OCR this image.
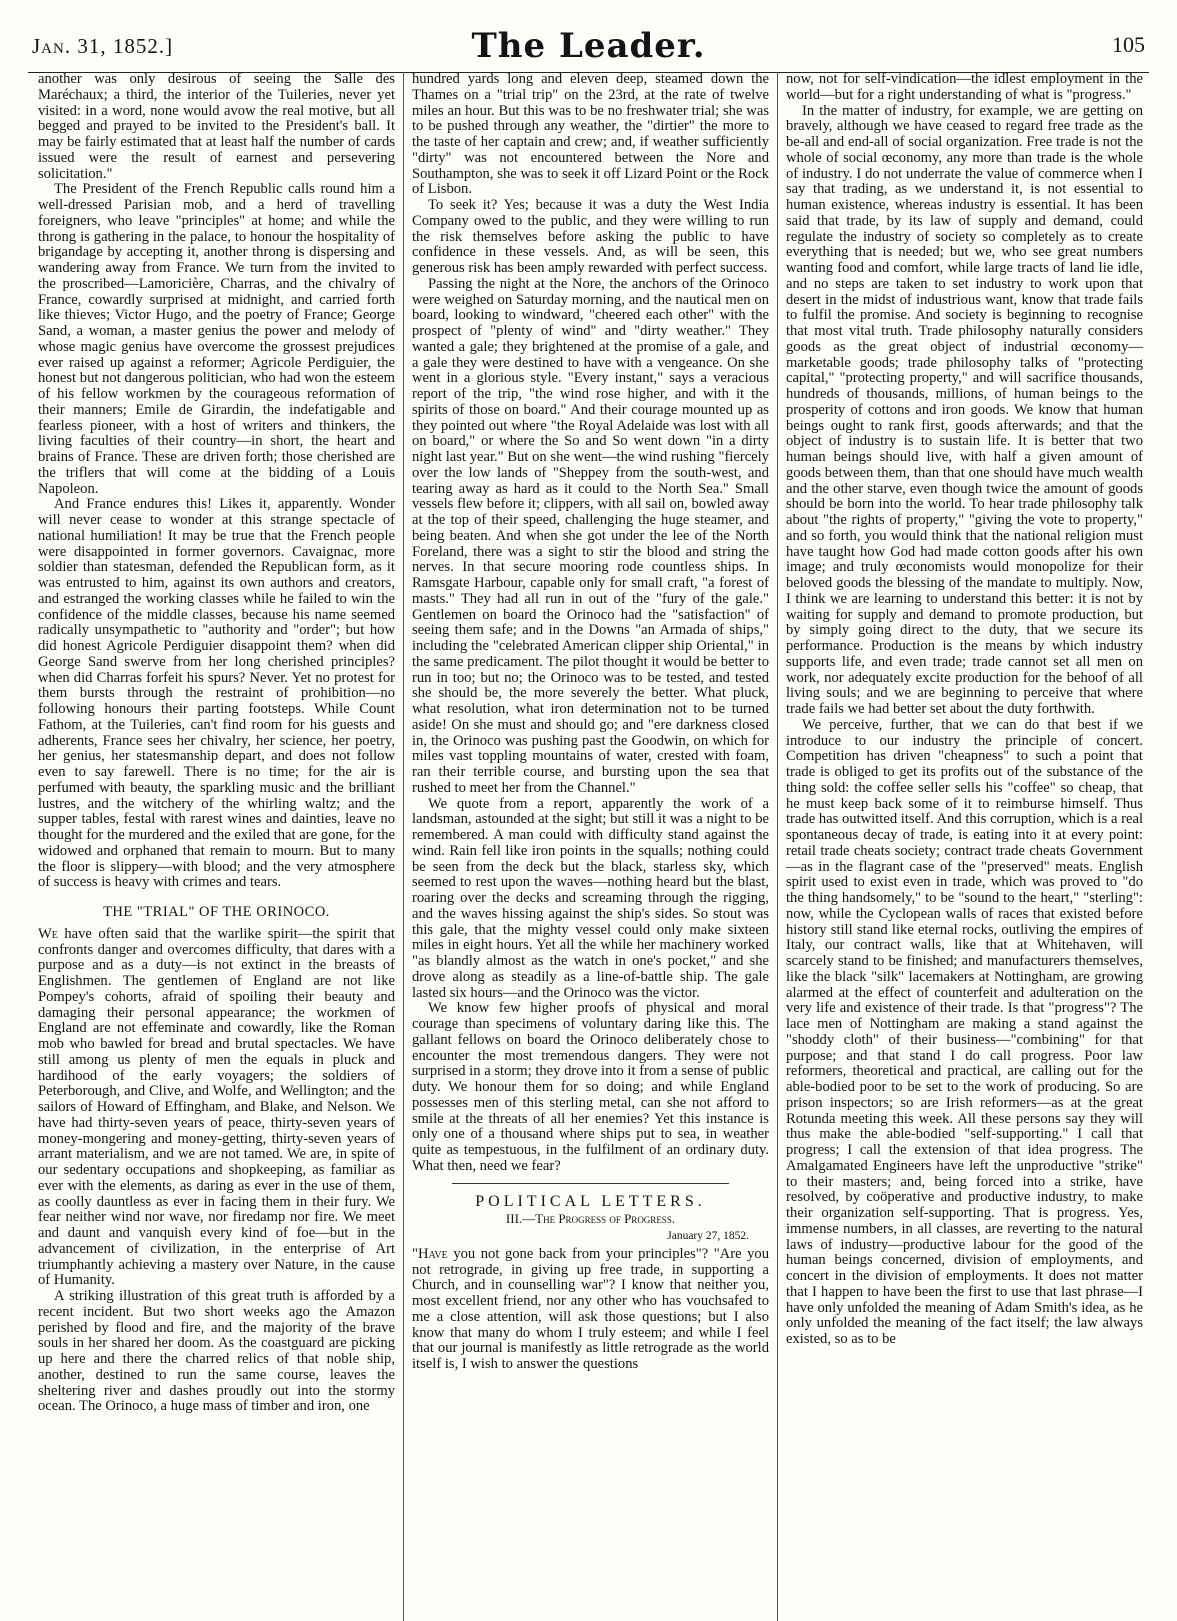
Jan. 31, 1852.]	The Leader.	105

another was only desirous of seeing the Salle des Maréchaux; a third, the interior of the Tuileries, never yet visited: in a word, none would avow the real motive, but all begged and prayed to be invited to the President's ball. It may be fairly estimated that at least half the number of cards issued were the result of earnest and persevering solicitation."

The President of the French Republic calls round him a well-dressed Parisian mob, and a herd of travelling foreigners, who leave "principles" at home; and while the throng is gathering in the palace, to honour the hospitality of brigandage by accepting it, another throng is dispersing and wandering away from France. We turn from the invited to the proscribed—Lamoricière, Charras, and the chivalry of France, cowardly surprised at midnight, and carried forth like thieves; Victor Hugo, and the poetry of France; George Sand, a woman, a master genius the power and melody of whose magic genius have overcome the grossest prejudices ever raised up against a reformer; Agricole Perdiguier, the honest but not dangerous politician, who had won the esteem of his fellow workmen by the courageous reformation of their manners; Emile de Girardin, the indefatigable and fearless pioneer, with a host of writers and thinkers, the living faculties of their country—in short, the heart and brains of France. These are driven forth; those cherished are the triflers that will come at the bidding of a Louis Napoleon.

And France endures this! Likes it, apparently. Wonder will never cease to wonder at this strange spectacle of national humiliation! It may be true that the French people were disappointed in former governors. Cavaignac, more soldier than statesman, defended the Republican form, as it was entrusted to him, against its own authors and creators, and estranged the working classes while he failed to win the confidence of the middle classes, because his name seemed radically unsympathetic to "authority and "order"; but how did honest Agricole Perdiguier disappoint them? when did George Sand swerve from her long cherished principles? when did Charras forfeit his spurs? Never. Yet no protest for them bursts through the restraint of prohibition—no following honours their parting footsteps. While Count Fathom, at the Tuileries, can't find room for his guests and adherents, France sees her chivalry, her science, her poetry, her genius, her statesmanship depart, and does not follow even to say farewell. There is no time; for the air is perfumed with beauty, the sparkling music and the brilliant lustres, and the witchery of the whirling waltz; and the supper tables, festal with rarest wines and dainties, leave no thought for the murdered and the exiled that are gone, for the widowed and orphaned that remain to mourn. But to many the floor is slippery—with blood; and the very atmosphere of success is heavy with crimes and tears.

THE "TRIAL" OF THE ORINOCO.

We have often said that the warlike spirit—the spirit that confronts danger and overcomes difficulty, that dares with a purpose and as a duty—is not extinct in the breasts of Englishmen. The gentlemen of England are not like Pompey's cohorts, afraid of spoiling their beauty and damaging their personal appearance; the workmen of England are not effeminate and cowardly, like the Roman mob who bawled for bread and brutal spectacles. We have still among us plenty of men the equals in pluck and hardihood of the early voyagers; the soldiers of Peterborough, and Clive, and Wolfe, and Wellington; and the sailors of Howard of Effingham, and Blake, and Nelson. We have had thirty-seven years of peace, thirty-seven years of money-mongering and money-getting, thirty-seven years of arrant materialism, and we are not tamed. We are, in spite of our sedentary occupations and shopkeeping, as familiar as ever with the elements, as daring as ever in the use of them, as coolly dauntless as ever in facing them in their fury. We fear neither wind nor wave, nor firedamp nor fire. We meet and daunt and vanquish every kind of foe—but in the advancement of civilization, in the enterprise of Art triumphantly achieving a mastery over Nature, in the cause of Humanity.

A striking illustration of this great truth is afforded by a recent incident. But two short weeks ago the Amazon perished by flood and fire, and the majority of the brave souls in her shared her doom. As the coastguard are picking up here and there the charred relics of that noble ship, another, destined to run the same course, leaves the sheltering river and dashes proudly out into the stormy ocean. The Orinoco, a huge mass of timber and iron, one

hundred yards long and eleven deep, steamed down the Thames on a "trial trip" on the 23rd, at the rate of twelve miles an hour. But this was to be no freshwater trial; she was to be pushed through any weather, the "dirtier" the more to the taste of her captain and crew; and, if weather sufficiently "dirty" was not encountered between the Nore and Southampton, she was to seek it off Lizard Point or the Rock of Lisbon.

To seek it? Yes; because it was a duty the West India Company owed to the public, and they were willing to run the risk themselves before asking the public to have confidence in these vessels. And, as will be seen, this generous risk has been amply rewarded with perfect success.

Passing the night at the Nore, the anchors of the Orinoco were weighed on Saturday morning, and the nautical men on board, looking to windward, "cheered each other" with the prospect of "plenty of wind" and "dirty weather." They wanted a gale; they brightened at the promise of a gale, and a gale they were destined to have with a vengeance. On she went in a glorious style. "Every instant," says a veracious report of the trip, "the wind rose higher, and with it the spirits of those on board." And their courage mounted up as they pointed out where "the Royal Adelaide was lost with all on board," or where the So and So went down "in a dirty night last year." But on she went—the wind rushing "fiercely over the low lands of "Sheppey from the south-west, and tearing away as hard as it could to the North Sea." Small vessels flew before it; clippers, with all sail on, bowled away at the top of their speed, challenging the huge steamer, and being beaten. And when she got under the lee of the North Foreland, there was a sight to stir the blood and string the nerves. In that secure mooring rode countless ships. In Ramsgate Harbour, capable only for small craft, "a forest of masts." They had all run in out of the "fury of the gale." Gentlemen on board the Orinoco had the "satisfaction" of seeing them safe; and in the Downs "an Armada of ships," including the "celebrated American clipper ship Oriental," in the same predicament. The pilot thought it would be better to run in too; but no; the Orinoco was to be tested, and tested she should be, the more severely the better. What pluck, what resolution, what iron determination not to be turned aside! On she must and should go; and "ere darkness closed in, the Orinoco was pushing past the Goodwin, on which for miles vast toppling mountains of water, crested with foam, ran their terrible course, and bursting upon the sea that rushed to meet her from the Channel."

We quote from a report, apparently the work of a landsman, astounded at the sight; but still it was a night to be remembered. A man could with difficulty stand against the wind. Rain fell like iron points in the squalls; nothing could be seen from the deck but the black, starless sky, which seemed to rest upon the waves—nothing heard but the blast, roaring over the decks and screaming through the rigging, and the waves hissing against the ship's sides. So stout was this gale, that the mighty vessel could only make sixteen miles in eight hours. Yet all the while her machinery worked "as blandly almost as the watch in one's pocket," and she drove along as steadily as a line-of-battle ship. The gale lasted six hours—and the Orinoco was the victor.

We know few higher proofs of physical and moral courage than specimens of voluntary daring like this. The gallant fellows on board the Orinoco deliberately chose to encounter the most tremendous dangers. They were not surprised in a storm; they drove into it from a sense of public duty. We honour them for so doing; and while England possesses men of this sterling metal, can she not afford to smile at the threats of all her enemies? Yet this instance is only one of a thousand where ships put to sea, in weather quite as tempestuous, in the fulfilment of an ordinary duty. What then, need we fear?

POLITICAL LETTERS.
III.—The Progress of Progress.
January 27, 1852.

"Have you not gone back from your principles"? "Are you not retrograde, in giving up free trade, in supporting a Church, and in counselling war"? I know that neither you, most excellent friend, nor any other who has vouchsafed to me a close attention, will ask those questions; but I also know that many do whom I truly esteem; and while I feel that our journal is manifestly as little retrograde as the world itself is, I wish to answer the questions

now, not for self-vindication—the idlest employment in the world—but for a right understanding of what is "progress."

In the matter of industry, for example, we are getting on bravely, although we have ceased to regard free trade as the be-all and end-all of social organization. Free trade is not the whole of social œconomy, any more than trade is the whole of industry. I do not underrate the value of commerce when I say that trading, as we understand it, is not essential to human existence, whereas industry is essential. It has been said that trade, by its law of supply and demand, could regulate the industry of society so completely as to create everything that is needed; but we, who see great numbers wanting food and comfort, while large tracts of land lie idle, and no steps are taken to set industry to work upon that desert in the midst of industrious want, know that trade fails to fulfil the promise. And society is beginning to recognise that most vital truth. Trade philosophy naturally considers goods as the great object of industrial œconomy—marketable goods; trade philosophy talks of "protecting capital," "protecting property," and will sacrifice thousands, hundreds of thousands, millions, of human beings to the prosperity of cottons and iron goods. We know that human beings ought to rank first, goods afterwards; and that the object of industry is to sustain life. It is better that two human beings should live, with half a given amount of goods between them, than that one should have much wealth and the other starve, even though twice the amount of goods should be born into the world. To hear trade philosophy talk about "the rights of property," "giving the vote to property," and so forth, you would think that the national religion must have taught how God had made cotton goods after his own image; and truly œconomists would monopolize for their beloved goods the blessing of the mandate to multiply. Now, I think we are learning to understand this better: it is not by waiting for supply and demand to promote production, but by simply going direct to the duty, that we secure its performance. Production is the means by which industry supports life, and even trade; trade cannot set all men on work, nor adequately excite production for the behoof of all living souls; and we are beginning to perceive that where trade fails we had better set about the duty forthwith.

We perceive, further, that we can do that best if we introduce to our industry the principle of concert. Competition has driven "cheapness" to such a point that trade is obliged to get its profits out of the substance of the thing sold: the coffee seller sells his "coffee" so cheap, that he must keep back some of it to reimburse himself. Thus trade has outwitted itself. And this corruption, which is a real spontaneous decay of trade, is eating into it at every point: retail trade cheats society; contract trade cheats Government—as in the flagrant case of the "preserved" meats. English spirit used to exist even in trade, which was proved to "do the thing handsomely," to be "sound to the heart," "sterling": now, while the Cyclopean walls of races that existed before history still stand like eternal rocks, outliving the empires of Italy, our contract walls, like that at Whitehaven, will scarcely stand to be finished; and manufacturers themselves, like the black "silk" lacemakers at Nottingham, are growing alarmed at the effect of counterfeit and adulteration on the very life and existence of their trade. Is that "progress"? The lace men of Nottingham are making a stand against the "shoddy cloth" of their business—"combining" for that purpose; and that stand I do call progress. Poor law reformers, theoretical and practical, are calling out for the able-bodied poor to be set to the work of producing. So are prison inspectors; so are Irish reformers—as at the great Rotunda meeting this week. All these persons say they will thus make the able-bodied "self-supporting." I call that progress; I call the extension of that idea progress. The Amalgamated Engineers have left the unproductive "strike" to their masters; and, being forced into a strike, have resolved, by coöperative and productive industry, to make their organization self-supporting. That is progress. Yes, immense numbers, in all classes, are reverting to the natural laws of industry—productive labour for the good of the human beings concerned, division of employments, and concert in the division of employments. It does not matter that I happen to have been the first to use that last phrase—I have only unfolded the meaning of Adam Smith's idea, as he only unfolded the meaning of the fact itself; the law always existed, so as to be
